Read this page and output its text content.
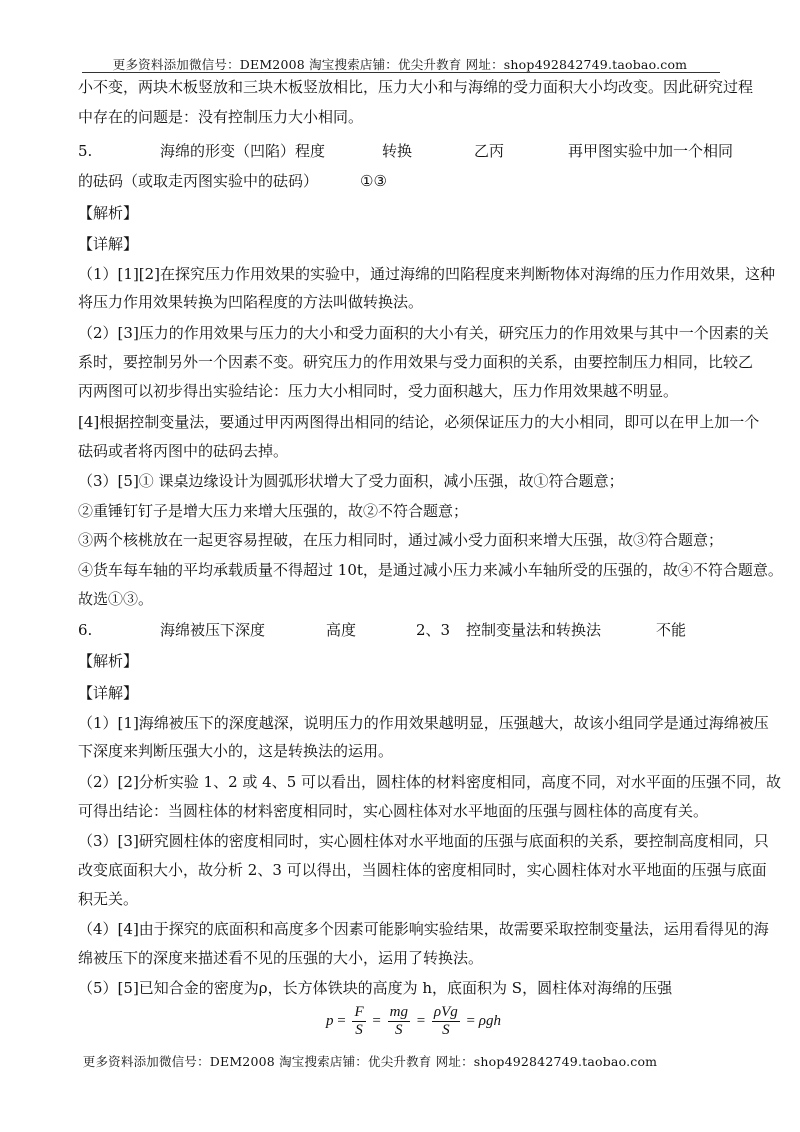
更多资料添加微信号：DEM2008 淘宝搜索店铺：优尖升教育 网址：shop492842749.taobao.com
小不变，两块木板竖放和三块木板竖放相比，压力大小和与海绵的受力面积大小均改变。因此研究过程
中存在的问题是：没有控制压力大小相同。
5.	海绵的形变（凹陷）程度	转换	乙丙	再甲图实验中加一个相同
的砝码（或取走丙图实验中的砝码）	①③
【解析】
【详解】
（1）[1][2]在探究压力作用效果的实验中，通过海绵的凹陷程度来判断物体对海绵的压力作用效果，这种
将压力作用效果转换为凹陷程度的方法叫做转换法。
（2）[3]压力的作用效果与压力的大小和受力面积的大小有关，研究压力的作用效果与其中一个因素的关
系时，要控制另外一个因素不变。研究压力的作用效果与受力面积的关系，由要控制压力相同，比较乙
丙两图可以初步得出实验结论：压力大小相同时，受力面积越大，压力作用效果越不明显。
[4]根据控制变量法，要通过甲丙两图得出相同的结论，必须保证压力的大小相同，即可以在甲上加一个
砝码或者将丙图中的砝码去掉。
（3）[5]① 课桌边缘设计为圆弧形状增大了受力面积，减小压强，故①符合题意；
②重锤钉钉子是增大压力来增大压强的，故②不符合题意；
③两个核桃放在一起更容易捏破，在压力相同时，通过减小受力面积来增大压强，故③符合题意；
④货车每车轴的平均承载质量不得超过 10t，是通过减小压力来减小车轴所受的压强的，故④不符合题意。
故选①③。
6.	海绵被压下深度	高度	2、3 控制变量法和转换法	不能
【解析】
【详解】
（1）[1]海绵被压下的深度越深，说明压力的作用效果越明显，压强越大，故该小组同学是通过海绵被压
下深度来判断压强大小的，这是转换法的运用。
（2）[2]分析实验 1、2 或 4、5 可以看出，圆柱体的材料密度相同，高度不同，对水平面的压强不同，故
可得出结论：当圆柱体的材料密度相同时，实心圆柱体对水平地面的压强与圆柱体的高度有关。
（3）[3]研究圆柱体的密度相同时，实心圆柱体对水平地面的压强与底面积的关系，要控制高度相同，只
改变底面积大小，故分析 2、3 可以得出，当圆柱体的密度相同时，实心圆柱体对水平地面的压强与底面
积无关。
（4）[4]由于探究的底面积和高度多个因素可能影响实验结果，故需要采取控制变量法，运用看得见的海
绵被压下的深度来描述看不见的压强的大小，运用了转换法。
（5）[5]已知合金的密度为ρ，长方体铁块的高度为 h，底面积为 S，圆柱体对海绵的压强
$p = \frac{F}{S} = \frac{mg}{S} = \frac{\text{ρVg}}{S} = \rho gh$
更多资料添加微信号：DEM2008 淘宝搜索店铺：优尖升教育 网址：shop492842749.taobao.com
